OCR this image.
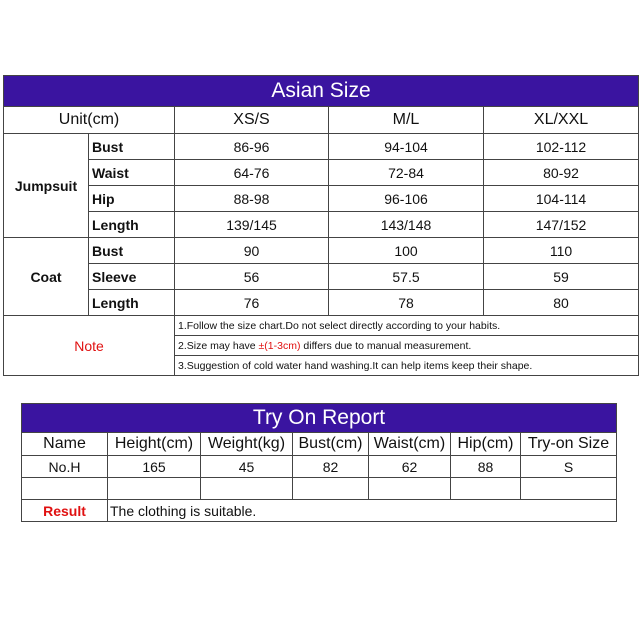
Asian Size				
Unit(cm)		XS/S	M/L	XL/XXL
Jumpsuit	Bust	86-96	94-104	102-112
	Waist	64-76	72-84	80-92
	Hip	88-98	96-106	104-114
	Length	139/145	143/148	147/152
Coat	Bust	90	100	110
	Sleeve	56	57.5	59
	Length	76	78	80
Note		1.Follow the size chart.Do not select directly according to your habits.		
		2.Size may have ±(1-3cm) differs due to manual measurement.		
		3.Suggestion of cold water hand washing.It can help items keep their shape.		
Try On Report						
Name	Height(cm)	Weight(kg)	Bust(cm)	Waist(cm)	Hip(cm)	Try-on Size
No.H	165	45	82	62	88	S

Result	The clothing is suitable.					
